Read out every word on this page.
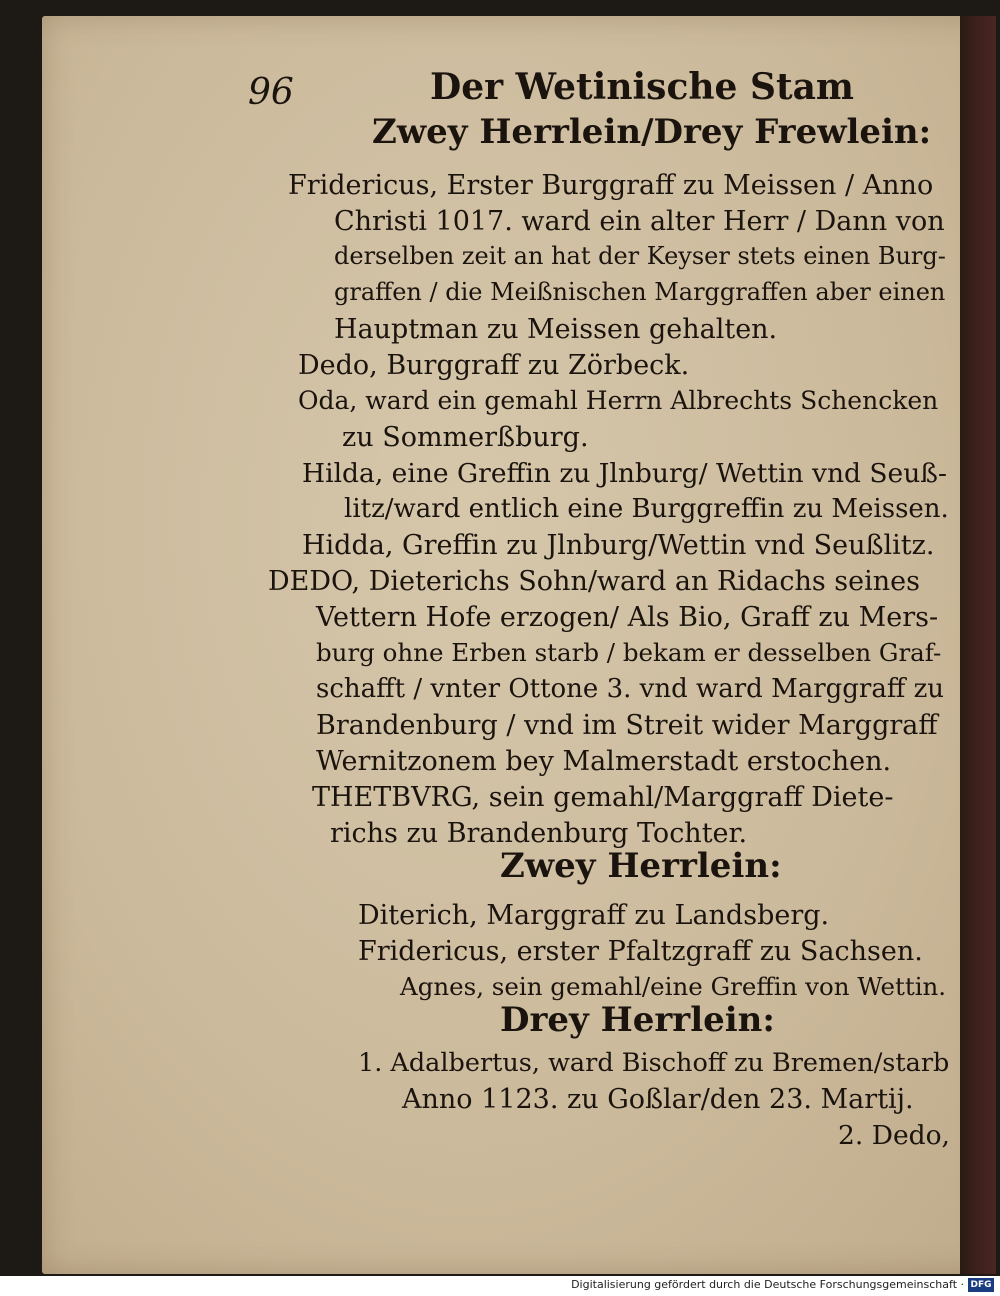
96	Der Wetinische Stam
Zwey Herrlein/Drey Frewlein:
Fridericus, Erster Burggraff zu Meissen / Anno
Christi 1017. ward ein alter Herr / Dann von
derselben zeit an hat der Keyser stets einen Burg-
graffen / die Meißnischen Marggraffen aber einen
Hauptman zu Meissen gehalten.
Dedo, Burggraff zu Zörbeck.
Oda, ward ein gemahl Herrn Albrechts Schencken
zu Sommerßburg.
Hilda, eine Greffin zu Jlnburg/ Wettin vnd Seuß-
litz/ward entlich eine Burggreffin zu Meissen.
Hidda, Greffin zu Jlnburg/Wettin vnd Seußlitz.
DEDO, Dieterichs Sohn/ward an Ridachs seines
Vettern Hofe erzogen/ Als Bio, Graff zu Mers-
burg ohne Erben starb / bekam er desselben Graf-
schafft / vnter Ottone 3. vnd ward Marggraff zu
Brandenburg / vnd im Streit wider Marggraff
Wernitzonem bey Malmerstadt erstochen.
THETBVRG, sein gemahl/Marggraff Diete-
richs zu Brandenburg Tochter.
Zwey Herrlein:
Diterich, Marggraff zu Landsberg.
Fridericus, erster Pfaltzgraff zu Sachsen.
Agnes, sein gemahl/eine Greffin von Wettin.
Drey Herrlein:
1. Adalbertus, ward Bischoff zu Bremen/starb
Anno 1123. zu Goßlar/den 23. Martij.
2. Dedo,
Digitalisierung gefördert durch die Deutsche Forschungsgemeinschaft · DFG
